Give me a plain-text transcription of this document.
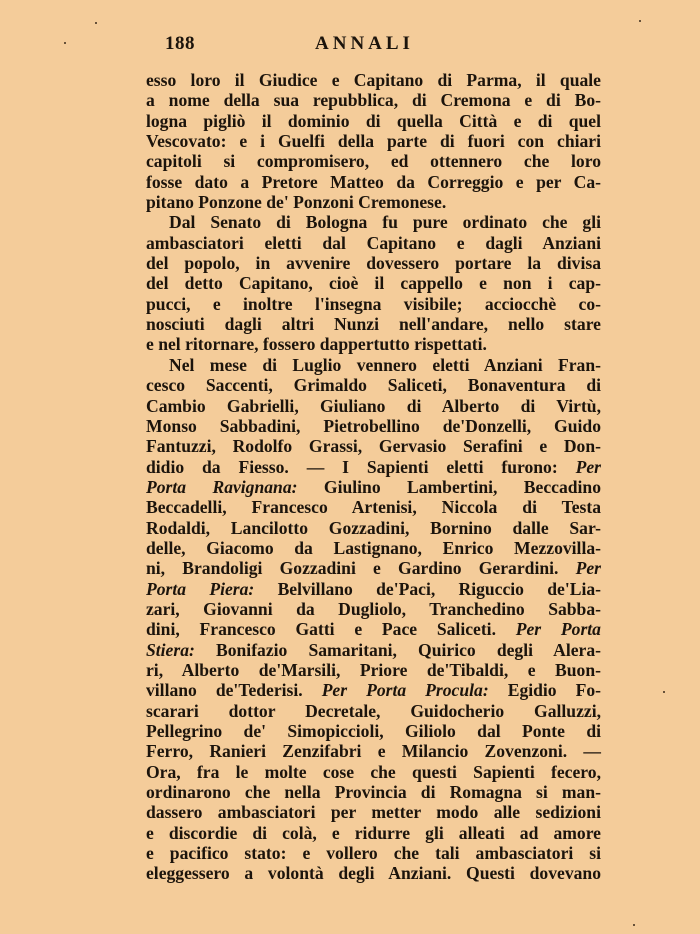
188	ANNALI
esso loro il Giudice e Capitano di Parma, il quale
a nome della sua repubblica, di Cremona e di Bo-
logna pigliò il dominio di quella Città e di quel
Vescovato: e i Guelfi della parte di fuori con chiari
capitoli si compromisero, ed ottennero che loro
fosse dato a Pretore Matteo da Correggio e per Ca-
pitano Ponzone de' Ponzoni Cremonese.
Dal Senato di Bologna fu pure ordinato che gli
ambasciatori eletti dal Capitano e dagli Anziani
del popolo, in avvenire dovessero portare la divisa
del detto Capitano, cioè il cappello e non i cap-
pucci, e inoltre l'insegna visibile; acciocchè co-
nosciuti dagli altri Nunzi nell'andare, nello stare
e nel ritornare, fossero dappertutto rispettati.
Nel mese di Luglio vennero eletti Anziani Fran-
cesco Saccenti, Grimaldo Saliceti, Bonaventura di
Cambio Gabrielli, Giuliano di Alberto di Virtù,
Monso Sabbadini, Pietrobellino de'Donzelli, Guido
Fantuzzi, Rodolfo Grassi, Gervasio Serafini e Don-
didio da Fiesso. — I Sapienti eletti furono: Per
Porta Ravignana: Giulino Lambertini, Beccadino
Beccadelli, Francesco Artenisi, Niccola di Testa
Rodaldi, Lancilotto Gozzadini, Bornino dalle Sar-
delle, Giacomo da Lastignano, Enrico Mezzovilla-
ni, Brandoligi Gozzadini e Gardino Gerardini. Per
Porta Piera: Belvillano de'Paci, Riguccio de'Lia-
zari, Giovanni da Dugliolo, Tranchedino Sabba-
dini, Francesco Gatti e Pace Saliceti. Per Porta
Stiera: Bonifazio Samaritani, Quirico degli Alera-
ri, Alberto de'Marsili, Priore de'Tibaldi, e Buon-
villano de'Tederisi. Per Porta Procula: Egidio Fo-
scarari dottor Decretale, Guidocherio Galluzzi,
Pellegrino de' Simopiccioli, Giliolo dal Ponte di
Ferro, Ranieri Zenzifabri e Milancio Zovenzoni. —
Ora, fra le molte cose che questi Sapienti fecero,
ordinarono che nella Provincia di Romagna si man-
dassero ambasciatori per metter modo alle sedizioni
e discordie di colà, e ridurre gli alleati ad amore
e pacifico stato: e vollero che tali ambasciatori si
eleggessero a volontà degli Anziani. Questi dovevano
